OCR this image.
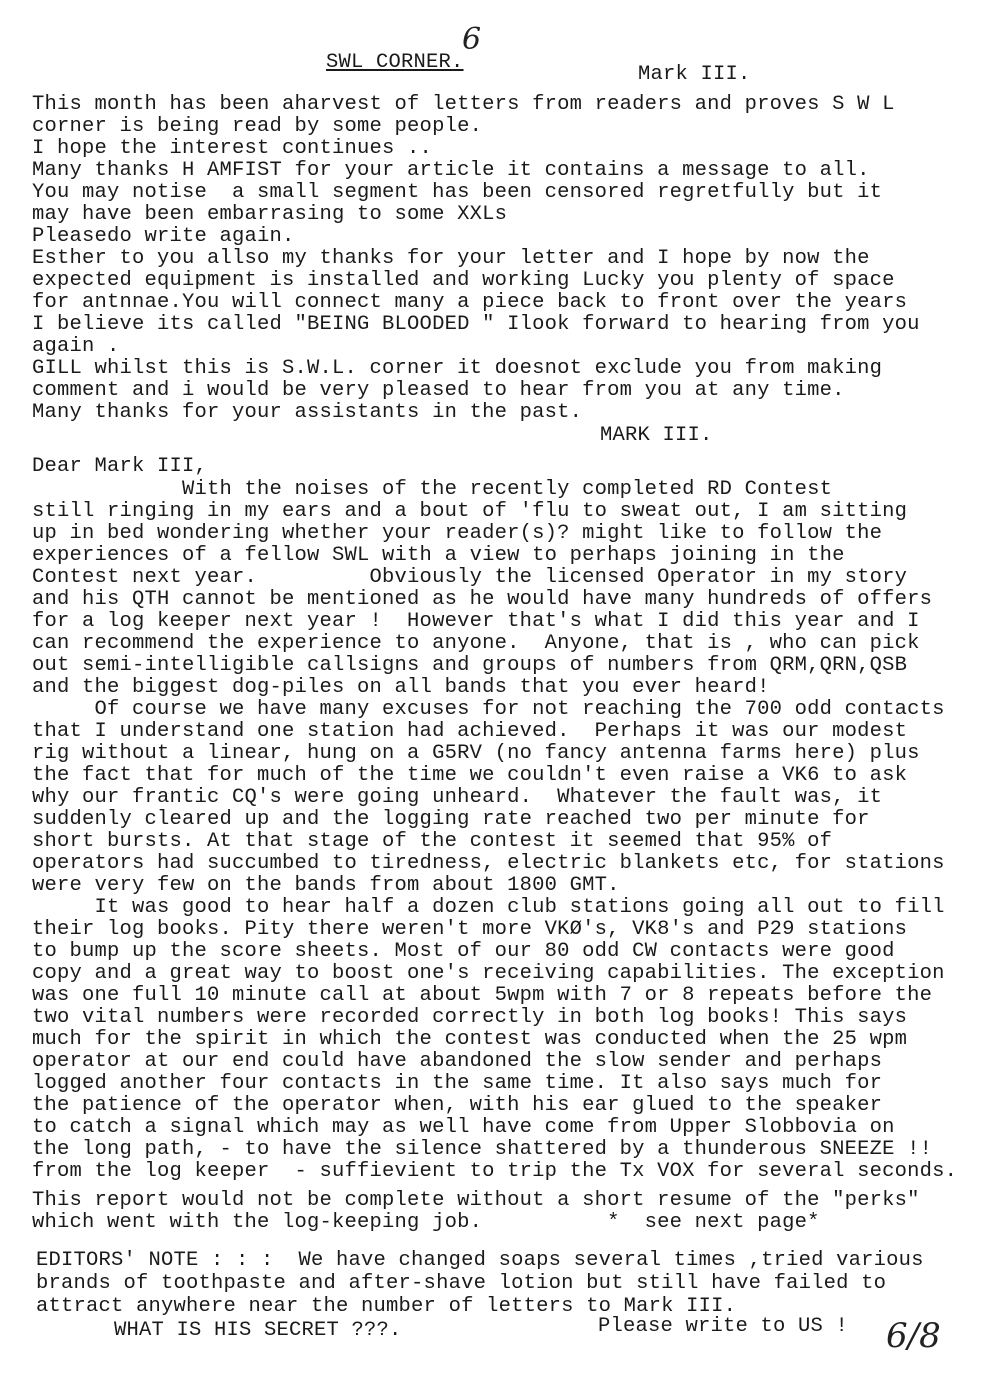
6
SWL CORNER.
Mark III.
This month has been aharvest of letters from readers and proves S W L
corner is being read by some people.
I hope the interest continues ..
Many thanks H AMFIST for your article it contains a message to all.
You may notise  a small segment has been censored regretfully but it
may have been embarrasing to some XXLs
Pleasedo write again.
Esther to you allso my thanks for your letter and I hope by now the
expected equipment is installed and working Lucky you plenty of space
for antnnae.You will connect many a piece back to front over the years
I believe its called "BEING BLOODED " Ilook forward to hearing from you
again .
GILL whilst this is S.W.L. corner it doesnot exclude you from making
comment and i would be very pleased to hear from you at any time.
Many thanks for your assistants in the past.
MARK III.
Dear Mark III,
With the noises of the recently completed RD Contest
still ringing in my ears and a bout of 'flu to sweat out, I am sitting
up in bed wondering whether your reader(s)? might like to follow the
experiences of a fellow SWL with a view to perhaps joining in the
Contest next year.         Obviously the licensed Operator in my story
and his QTH cannot be mentioned as he would have many hundreds of offers
for a log keeper next year !  However that's what I did this year and I
can recommend the experience to anyone.  Anyone, that is , who can pick
out semi-intelligible callsigns and groups of numbers from QRM,QRN,QSB
and the biggest dog-piles on all bands that you ever heard!
Of course we have many excuses for not reaching the 700 odd contacts
that I understand one station had achieved.  Perhaps it was our modest
rig without a linear, hung on a G5RV (no fancy antenna farms here) plus
the fact that for much of the time we couldn't even raise a VK6 to ask
why our frantic CQ's were going unheard.  Whatever the fault was, it
suddenly cleared up and the logging rate reached two per minute for
short bursts. At that stage of the contest it seemed that 95% of
operators had succumbed to tiredness, electric blankets etc, for stations
were very few on the bands from about 1800 GMT.
It was good to hear half a dozen club stations going all out to fill
their log books. Pity there weren't more VKØ's, VK8's and P29 stations
to bump up the score sheets. Most of our 80 odd CW contacts were good
copy and a great way to boost one's receiving capabilities. The exception
was one full 10 minute call at about 5wpm with 7 or 8 repeats before the
two vital numbers were recorded correctly in both log books! This says
much for the spirit in which the contest was conducted when the 25 wpm
operator at our end could have abandoned the slow sender and perhaps
logged another four contacts in the same time. It also says much for
the patience of the operator when, with his ear glued to the speaker
to catch a signal which may as well have come from Upper Slobbovia on
the long path, - to have the silence shattered by a thunderous SNEEZE !!
from the log keeper  - suffievient to trip the Tx VOX for several seconds.
This report would not be complete without a short resume of the "perks"
which went with the log-keeping job.          *  see next page*
EDITORS' NOTE : : :  We have changed soaps several times ,tried various
brands of toothpaste and after-shave lotion but still have failed to
attract anywhere near the number of letters to Mark III.
WHAT IS HIS SECRET ???.	Please write to US ! 6/8
